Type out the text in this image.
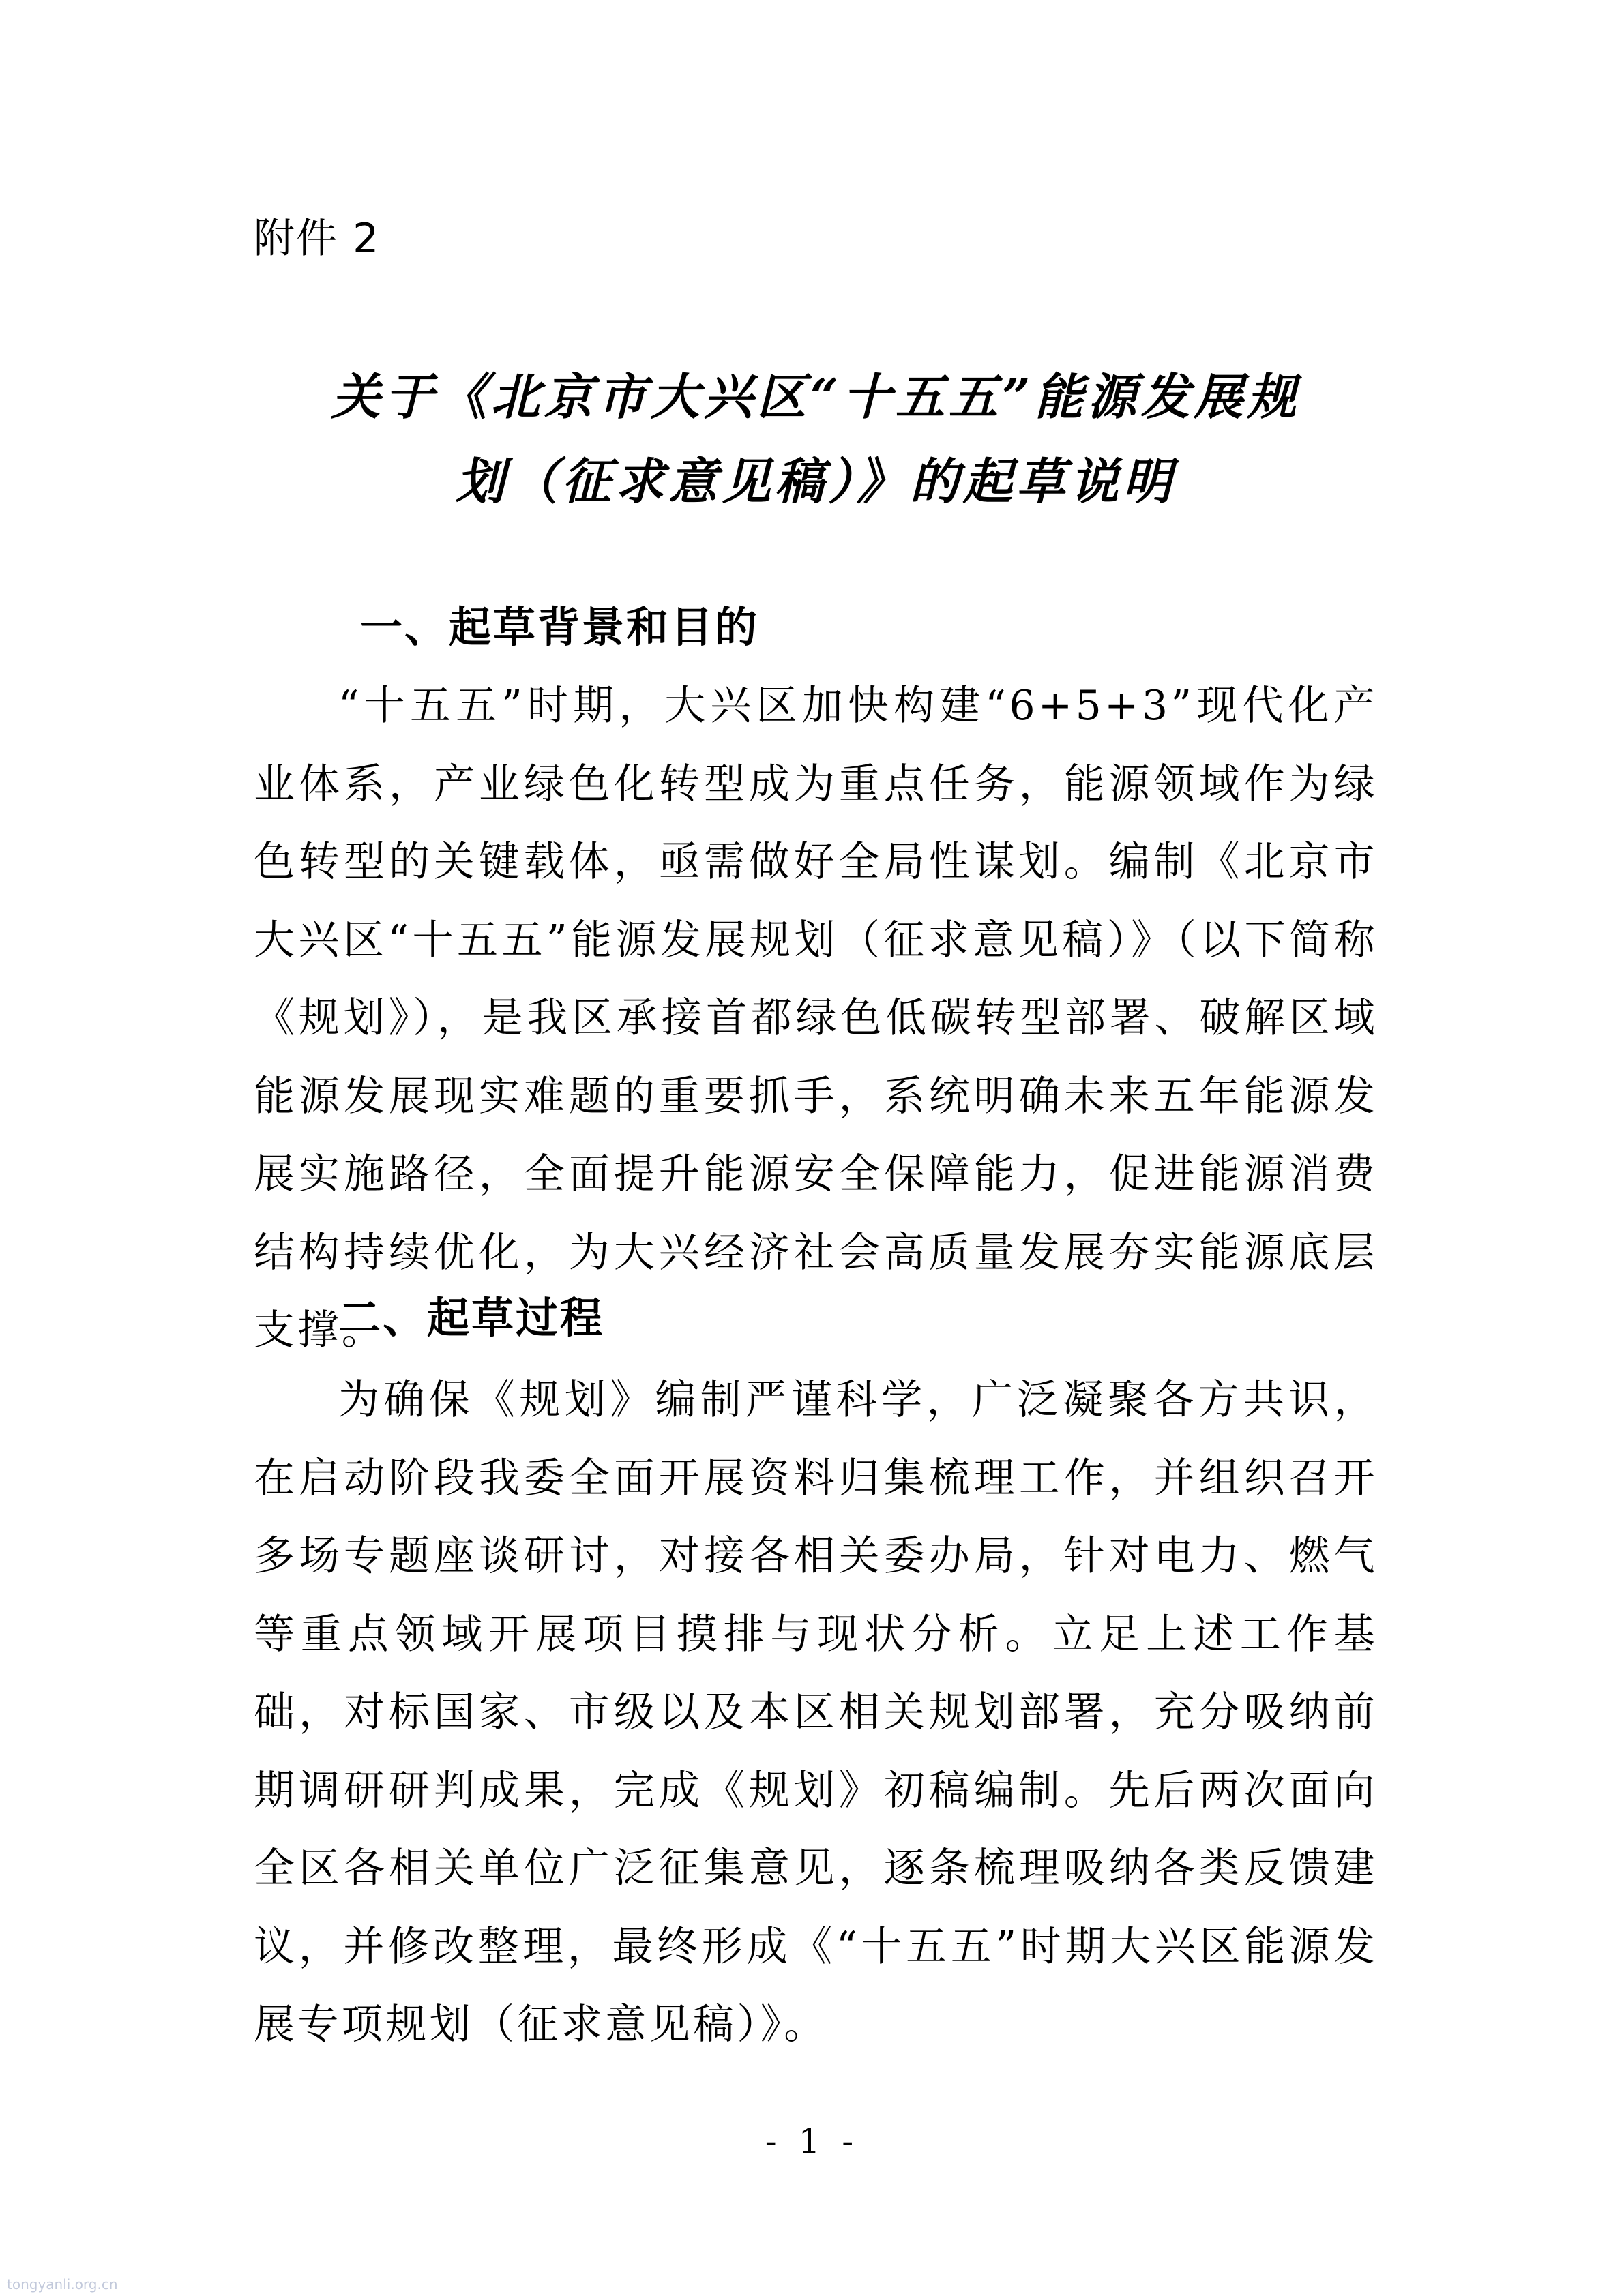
附件 2
关于《北京市大兴区“十五五”能源发展规
划（征求意见稿）》的起草说明
一、起草背景和目的

“十五五”时期，大兴区加快构建“6+5+3”现代化产业体系，产业绿色化转型成为重点任务，能源领域作为绿色转型的关键载体，亟需做好全局性谋划。编制《北京市大兴区“十五五”能源发展规划（征求意见稿）》（以下简称《规划》），是我区承接首都绿色低碳转型部署、破解区域能源发展现实难题的重要抓手，系统明确未来五年能源发展实施路径，全面提升能源安全保障能力，促进能源消费结构持续优化，为大兴经济社会高质量发展夯实能源底层支撑。

二、起草过程

为确保《规划》编制严谨科学，广泛凝聚各方共识，在启动阶段我委全面开展资料归集梳理工作，并组织召开多场专题座谈研讨，对接各相关委办局，针对电力、燃气等重点领域开展项目摸排与现状分析。立足上述工作基础，对标国家、市级以及本区相关规划部署，充分吸纳前期调研研判成果，完成《规划》初稿编制。先后两次面向全区各相关单位广泛征集意见，逐条梳理吸纳各类反馈建议，并修改整理，最终形成《“十五五”时期大兴区能源发展专项规划（征求意见稿）》。

- 1 -
tongyanli.org.cn
